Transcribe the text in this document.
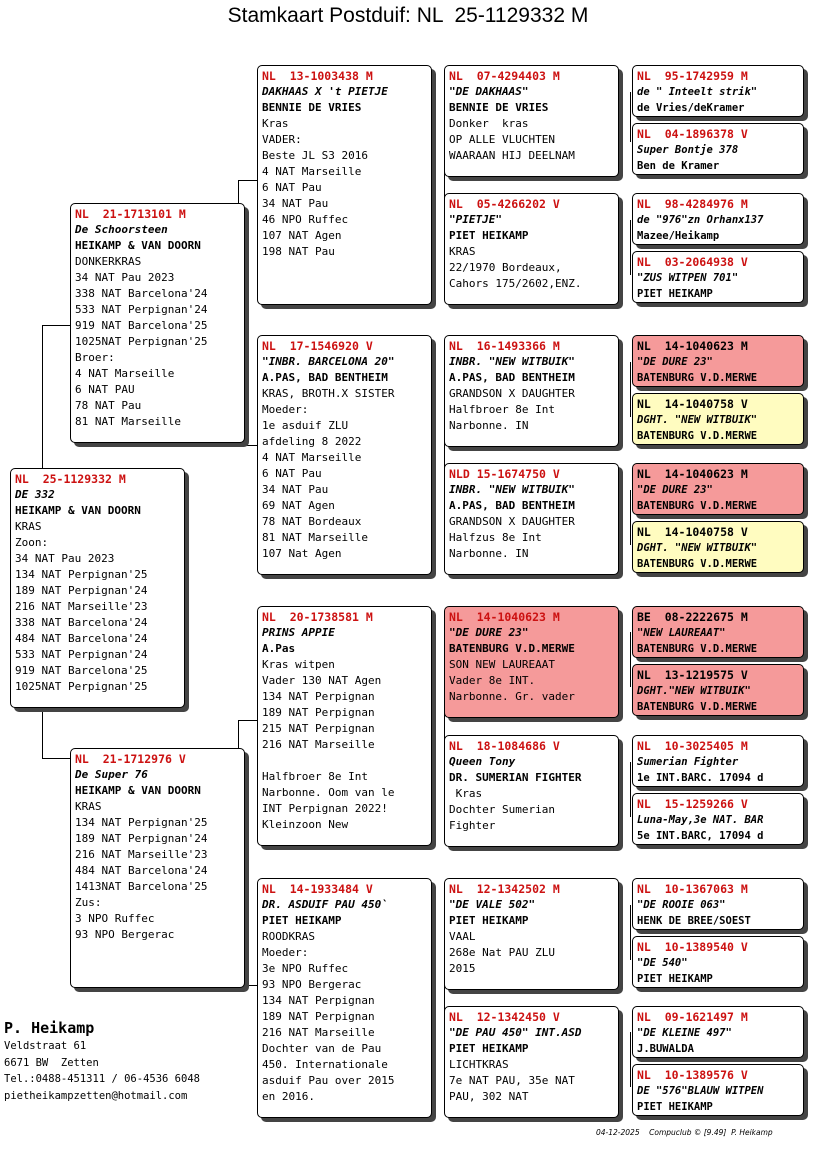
Stamkaart Postduif: NL  25-1129332 M
NL  25-1129332 M
DE 332
HEIKAMP & VAN DOORN
KRAS
Zoon:
34 NAT Pau 2023
134 NAT Perpignan'25
189 NAT Perpignan'24
216 NAT Marseille'23
338 NAT Barcelona'24
484 NAT Barcelona'24
533 NAT Perpignan'24
919 NAT Barcelona'25
1025NAT Perpignan'25
NL  21-1713101 M
De Schoorsteen
HEIKAMP & VAN DOORN
DONKERKRAS
34 NAT Pau 2023
338 NAT Barcelona'24
533 NAT Perpignan'24
919 NAT Barcelona'25
1025NAT Perpignan'25
Broer:
4 NAT Marseille
6 NAT PAU
78 NAT Pau
81 NAT Marseille
NL  21-1712976 V
De Super 76
HEIKAMP & VAN DOORN
KRAS
134 NAT Perpignan'25
189 NAT Perpignan'24
216 NAT Marseille'23
484 NAT Barcelona'24
1413NAT Barcelona'25
Zus:
3 NPO Ruffec
93 NPO Bergerac
NL  13-1003438 M
DAKHAAS X 't PIETJE
BENNIE DE VRIES
Kras
VADER:
Beste JL S3 2016
4 NAT Marseille
6 NAT Pau
34 NAT Pau
46 NPO Ruffec
107 NAT Agen
198 NAT Pau
NL  17-1546920 V
"INBR. BARCELONA 20"
A.PAS, BAD BENTHEIM
KRAS, BROTH.X SISTER
Moeder:
1e asduif ZLU
afdeling 8 2022
4 NAT Marseille
6 NAT Pau
34 NAT Pau
69 NAT Agen
78 NAT Bordeaux
81 NAT Marseille
107 Nat Agen
NL  20-1738581 M
PRINS APPIE
A.Pas
Kras witpen
Vader 130 NAT Agen
134 NAT Perpignan
189 NAT Perpignan
215 NAT Perpignan
216 NAT Marseille

Halfbroer 8e Int
Narbonne. Oom van le
INT Perpignan 2022!
Kleinzoon New
NL  14-1933484 V
DR. ASDUIF PAU 450`
PIET HEIKAMP
ROODKRAS
Moeder:
3e NPO Ruffec
93 NPO Bergerac
134 NAT Perpignan
189 NAT Perpignan
216 NAT Marseille
Dochter van de Pau
450. Internationale
asduif Pau over 2015
en 2016.
NL  07-4294403 M
"DE DAKHAAS"
BENNIE DE VRIES
Donker  kras
OP ALLE VLUCHTEN
WAARAAN HIJ DEELNAM
NL  05-4266202 V
"PIETJE"
PIET HEIKAMP
KRAS
22/1970 Bordeaux,
Cahors 175/2602,ENZ.
NL  16-1493366 M
INBR. "NEW WITBUIK"
A.PAS, BAD BENTHEIM
GRANDSON X DAUGHTER
Halfbroer 8e Int
Narbonne. IN
NLD 15-1674750 V
INBR. "NEW WITBUIK"
A.PAS, BAD BENTHEIM
GRANDSON X DAUGHTER
Halfzus 8e Int
Narbonne. IN
NL  14-1040623 M
"DE DURE 23"
BATENBURG V.D.MERWE
SON NEW LAUREAAT
Vader 8e INT.
Narbonne. Gr. vader
NL  18-1084686 V
Queen Tony
DR. SUMERIAN FIGHTER
Kras
Dochter Sumerian
Fighter
NL  12-1342502 M
"DE VALE 502"
PIET HEIKAMP
VAAL
268e Nat PAU ZLU
2015
NL  12-1342450 V
"DE PAU 450" INT.ASD
PIET HEIKAMP
LICHTKRAS
7e NAT PAU, 35e NAT
PAU, 302 NAT
NL  95-1742959 M
de " Inteelt strik"
de Vries/deKramer
NL  04-1896378 V
Super Bontje 378
Ben de Kramer
NL  98-4284976 M
de "976"zn Orhanx137
Mazee/Heikamp
NL  03-2064938 V
"ZUS WITPEN 701"
PIET HEIKAMP
NL  14-1040623 M
"DE DURE 23"
BATENBURG V.D.MERWE
NL  14-1040758 V
DGHT. "NEW WITBUIK"
BATENBURG V.D.MERWE
NL  14-1040623 M
"DE DURE 23"
BATENBURG V.D.MERWE
NL  14-1040758 V
DGHT. "NEW WITBUIK"
BATENBURG V.D.MERWE
BE  08-2222675 M
"NEW LAUREAAT"
BATENBURG V.D.MERWE
NL  13-1219575 V
DGHT."NEW WITBUIK"
BATENBURG V.D.MERWE
NL  10-3025405 M
Sumerian Fighter
1e INT.BARC. 17094 d
NL  15-1259266 V
Luna-May,3e NAT. BAR
5e INT.BARC, 17094 d
NL  10-1367063 M
"DE ROOIE 063"
HENK DE BREE/SOEST
NL  10-1389540 V
"DE 540"
PIET HEIKAMP
NL  09-1621497 M
"DE KLEINE 497"
J.BUWALDA
NL  10-1389576 V
DE "576"BLAUW WITPEN
PIET HEIKAMP
P. Heikamp
Veldstraat 61
6671 BW  Zetten
Tel.:0488-451311 / 06-4536 6048
pietheikampzetten@hotmail.com
04-12-2025    Compuclub © [9.49]  P. Heikamp
